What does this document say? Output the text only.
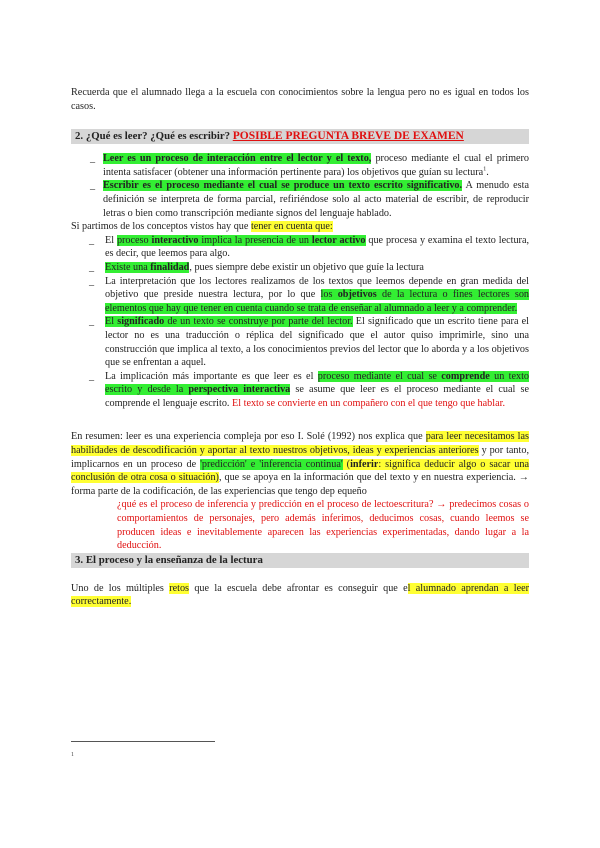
Recuerda que el alumnado llega a la escuela con conocimientos sobre la lengua pero no es igual en todos los casos.

2. ¿Qué es leer? ¿Qué es escribir? POSIBLE PREGUNTA BREVE DE EXAMEN
_ Leer es un proceso de interacción entre el lector y el texto, proceso mediante el cual el primero intenta satisfacer (obtener una información pertinente para) los objetivos que guían su lectura$^1$.
_ Escribir es el proceso mediante el cual se produce un texto escrito significativo. A menudo esta definición se interpreta de forma parcial, refiriéndose solo al acto material de escribir, de reproducir letras o bien como transcripción mediante signos del lenguaje hablado.

Si partimos de los conceptos vistos hay que tener en cuenta que:

_ El proceso interactivo implica la presencia de un lector activo que procesa y examina el texto lectura, es decir, que leemos para algo.
_ Existe una finalidad, pues siempre debe existir un objetivo que guíe la lectura
_ La interpretación que los lectores realizamos de los textos que leemos depende en gran medida del objetivo que preside nuestra lectura, por lo que los objetivos de la lectura o fines lectores son elementos que hay que tener en cuenta cuando se trata de enseñar al alumnado a leer y a comprender.
_ El significado de un texto se construye por parte del lector. El significado que un escrito tiene para el lector no es una traducción o réplica del significado que el autor quiso imprimirle, sino una construcción que implica al texto, a los conocimientos previos del lector que lo aborda y a los objetivos que se enfrentan a aquel.
_ La implicación más importante es que leer es el proceso mediante el cual se comprende un texto escrito y desde la perspectiva interactiva se asume que leer es el proceso mediante el cual se comprende el lenguaje escrito. El texto se convierte en un compañero con el que tengo que hablar.

En resumen: leer es una experiencia compleja por eso I. Solé (1992) nos explica que para leer necesitamos las habilidades de descodificación y aportar al texto nuestros objetivos, ideas y experiencias anteriores y por tanto, implicarnos en un proceso de 'predicción' e 'inferencia continua' (inferir: significa deducir algo o sacar una conclusión de otra cosa o situación), que se apoya en la información que del texto y en nuestra experiencia. → forma parte de la codificación, de las experiencias que tengo dep equeño

¿qué es el proceso de inferencia y predicción en el proceso de lectoescritura? → predecimos cosas o comportamientos de personajes, pero además inferimos, deducimos cosas, cuando leemos se producen ideas e inevitablemente aparecen las experiencias experimentadas, dando lugar a la deducción.

3. El proceso y la enseñanza de la lectura

Uno de los múltiples retos que la escuela debe afrontar es conseguir que el alumnado aprendan a leer correctamente.

1
